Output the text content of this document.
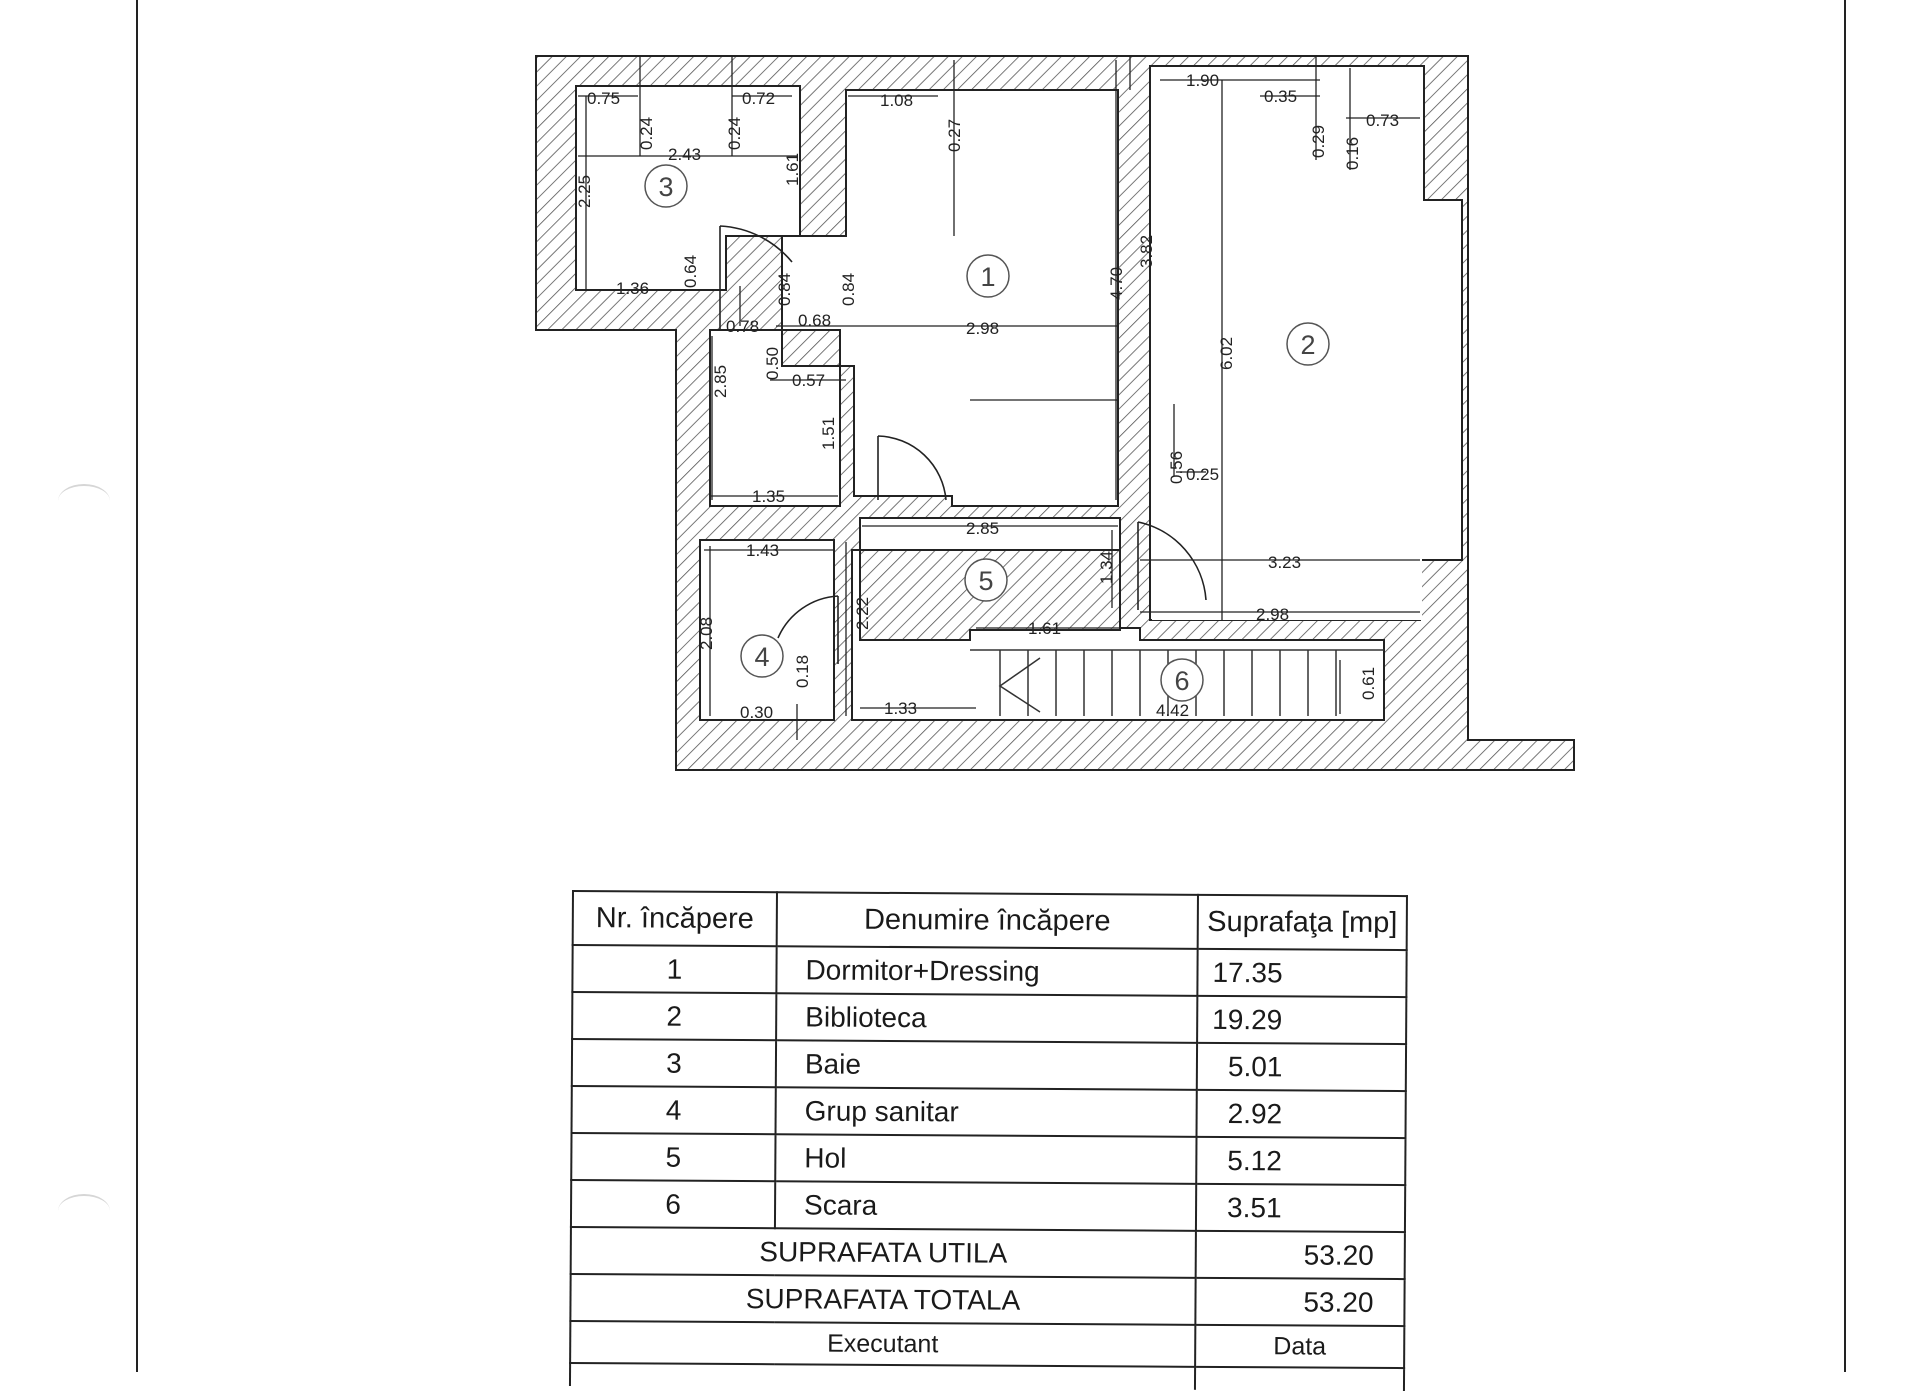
0.75	0.72	1.08
1.90
0.35
0.73
0.24	0.24	0.27	0.29 0.16
2.43
2.25
1.61
1.36
0.64
0.84	0.84	4.70
3.82
6.02
0.78 0.68	2.98
0.50
2.85	0.57
1.51
0.56 0.25
1.35
1.43
2.85
1.34	3.23
2.98
2.08
2.22	1.61
0.18	0.61
0.30	1.33	4.42
3
1
2
4
5
6
Nr. încăpere	Denumire încăpere	Suprafaţa [mp]
1	Dormitor+Dressing	17.35
2	Biblioteca	19.29
3	Baie	5.01
4	Grup sanitar	2.92
5	Hol	5.12
6	Scara	3.51
SUPRAFATA UTILA		53.20
SUPRAFATA TOTALA		53.20
Executant		Data
